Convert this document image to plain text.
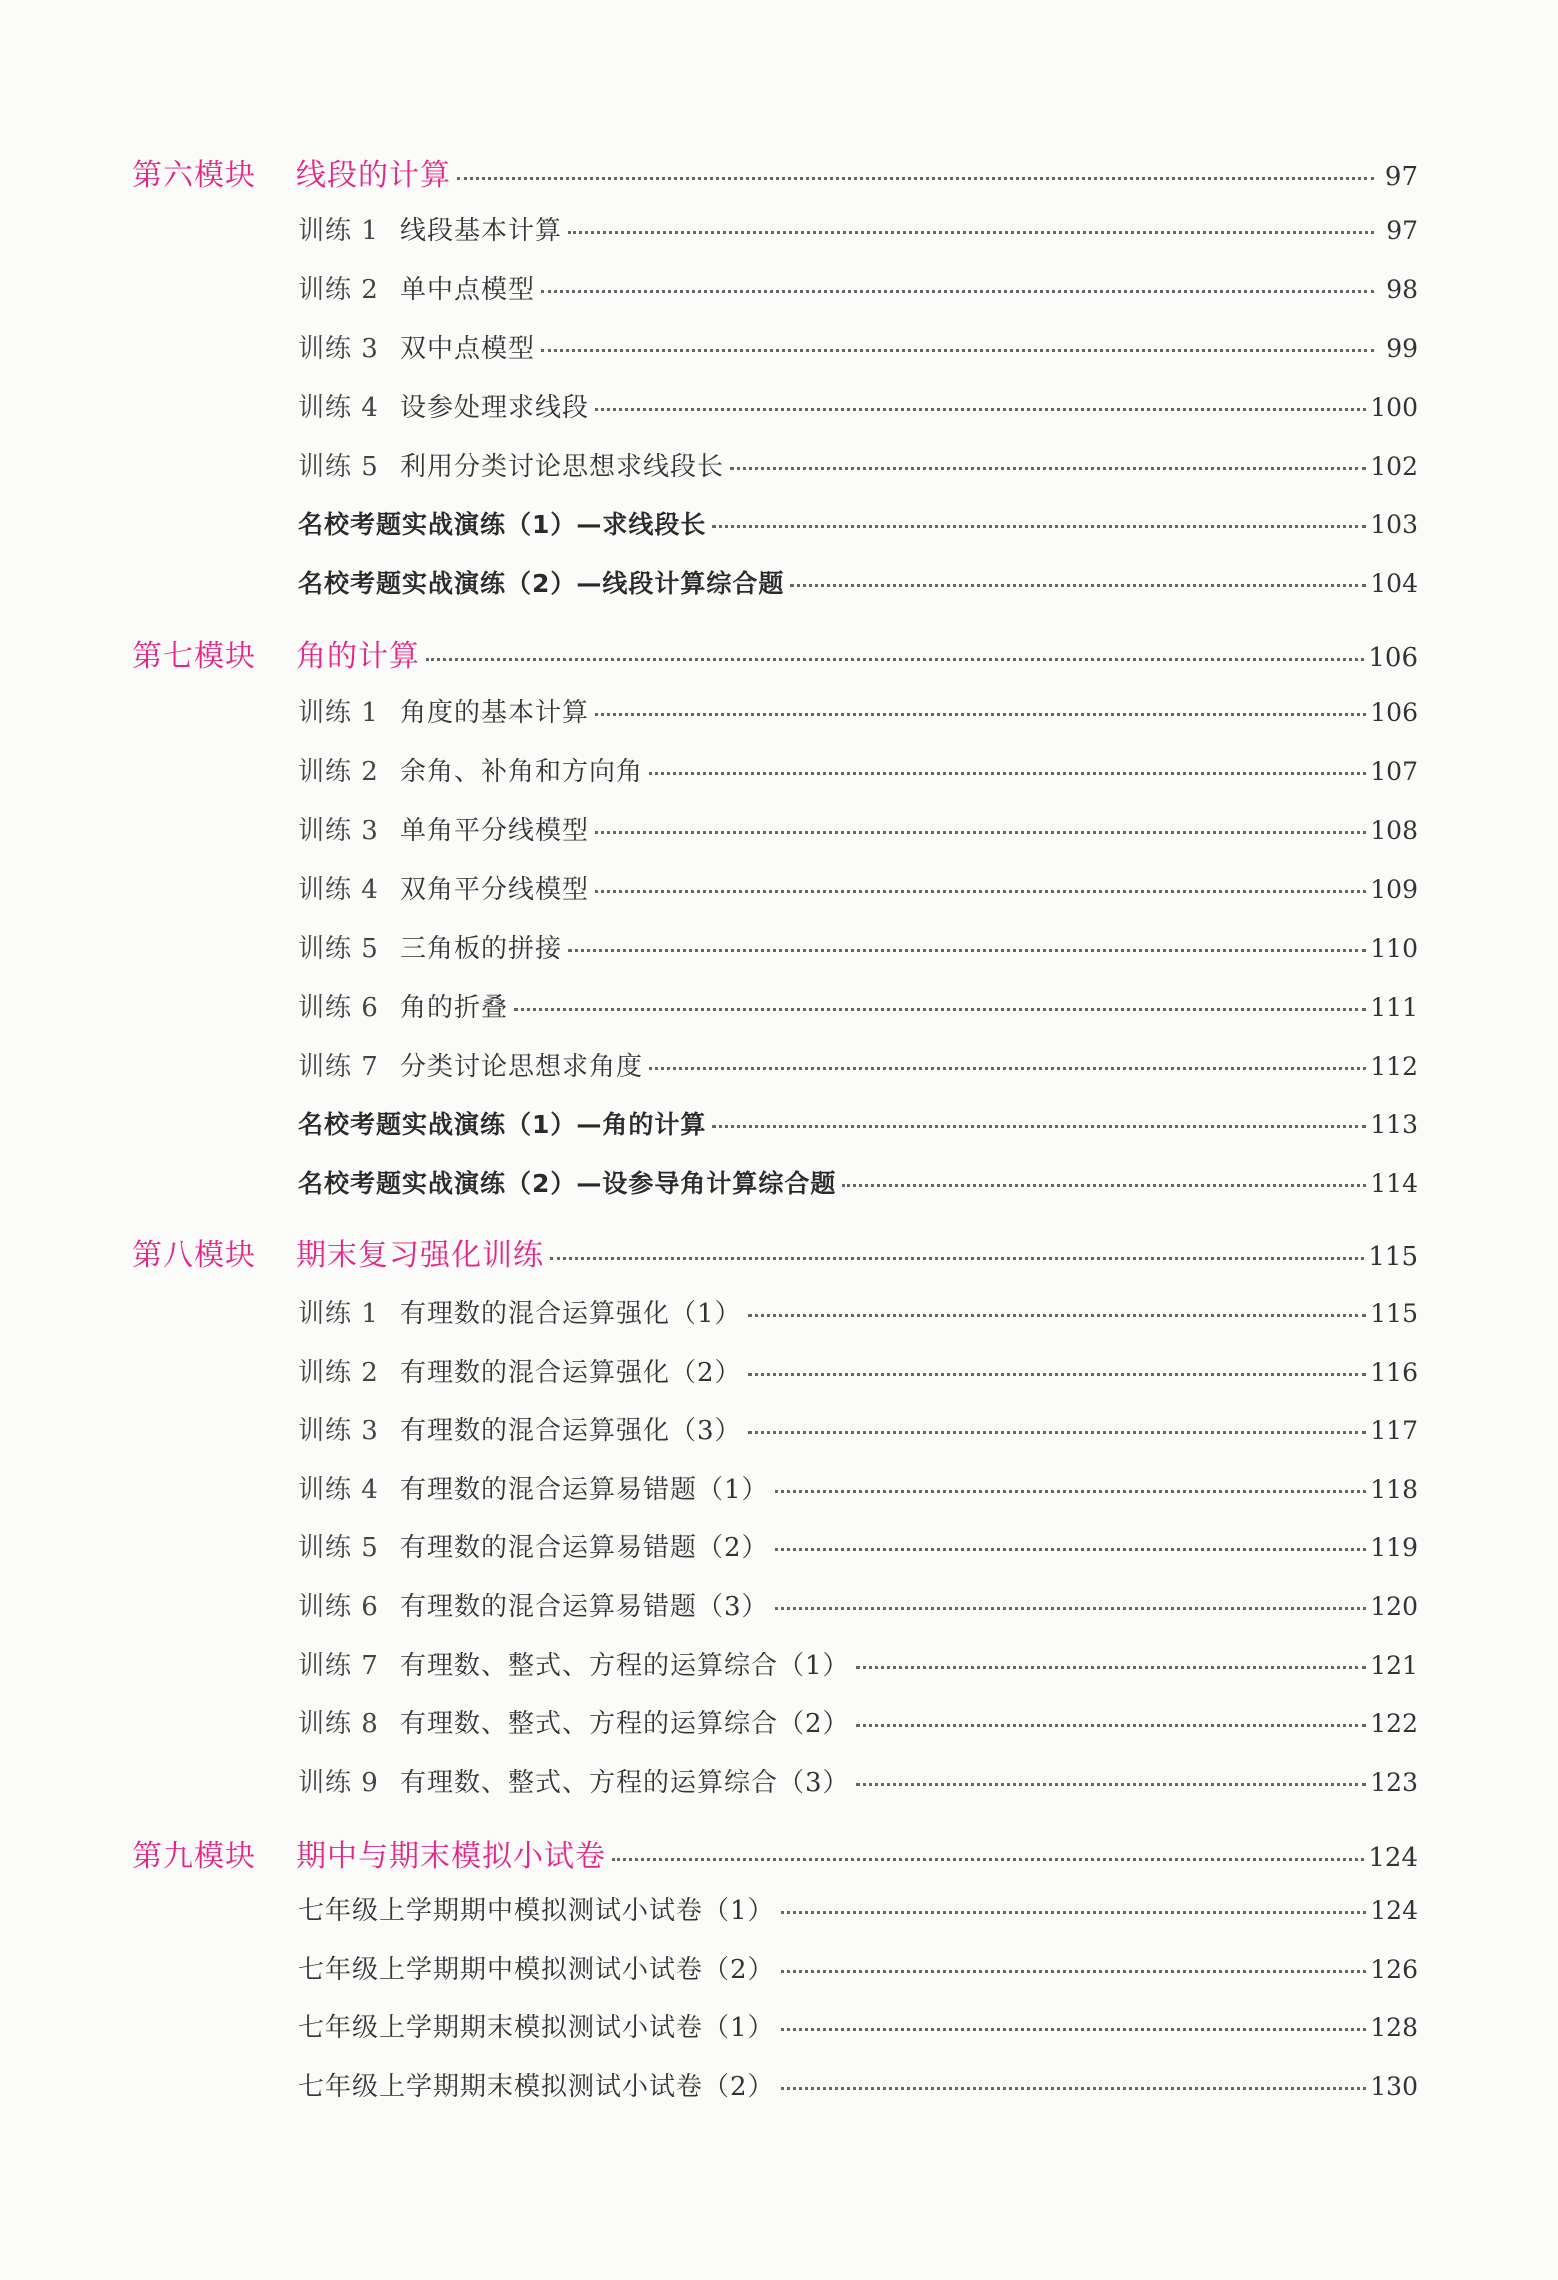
第六模块	线段的计算	97
训练 1 线段基本计算	97
训练 2 单中点模型	98
训练 3 双中点模型	99
训练 4 设参处理求线段	100
训练 5 利用分类讨论思想求线段长	102
名校考题实战演练（1）—求线段长	103
名校考题实战演练（2）—线段计算综合题	104
第七模块	角的计算	106
训练 1 角度的基本计算	106
训练 2 余角、补角和方向角	107
训练 3 单角平分线模型	108
训练 4 双角平分线模型	109
训练 5 三角板的拼接	110
训练 6 角的折叠	111
训练 7 分类讨论思想求角度	112
名校考题实战演练（1）—角的计算	113
名校考题实战演练（2）—设参导角计算综合题	114
第八模块	期末复习强化训练	115
训练 1 有理数的混合运算强化（1）	115
训练 2 有理数的混合运算强化（2）	116
训练 3 有理数的混合运算强化（3）	117
训练 4 有理数的混合运算易错题（1）	118
训练 5 有理数的混合运算易错题（2）	119
训练 6 有理数的混合运算易错题（3）	120
训练 7 有理数、整式、方程的运算综合（1）	121
训练 8 有理数、整式、方程的运算综合（2）	122
训练 9 有理数、整式、方程的运算综合（3）	123
第九模块	期中与期末模拟小试卷	124
七年级上学期期中模拟测试小试卷（1）	124
七年级上学期期中模拟测试小试卷（2）	126
七年级上学期期末模拟测试小试卷（1）	128
七年级上学期期末模拟测试小试卷（2）	130
